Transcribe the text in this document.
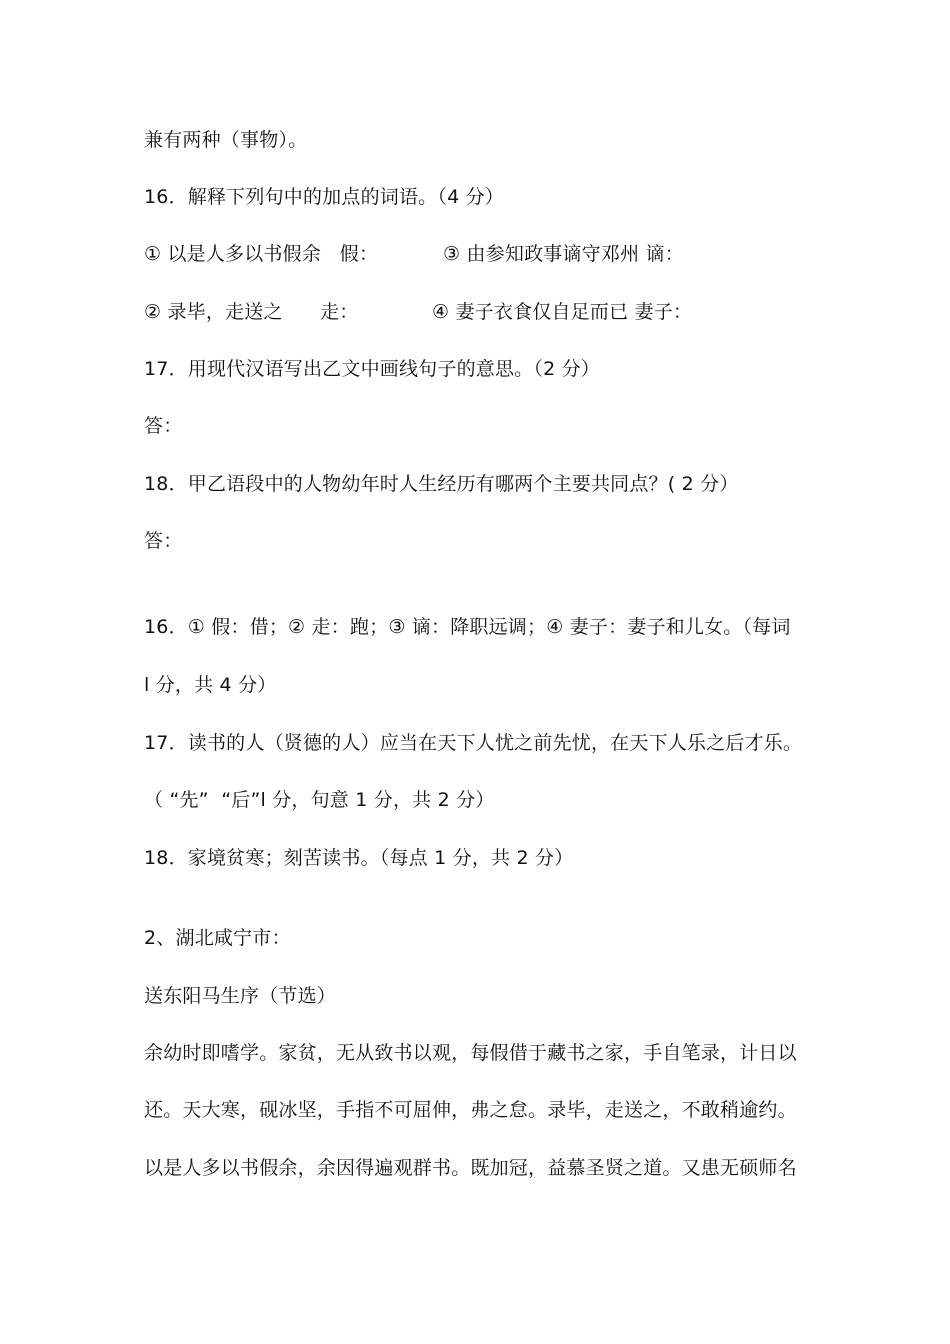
兼有两种（事物）。
16．解释下列句中的加点的词语。（4 分）
① 以是人多以书假余   假：	③ 由参知政事谪守邓州 谪：
② 录毕，走送之      走：	④ 妻子衣食仅自足而已 妻子：
17．用现代汉语写出乙文中画线句子的意思。（2 分）
答：
18．甲乙语段中的人物幼年时人生经历有哪两个主要共同点？( 2 分）
答：
16．① 假：借；② 走：跑；③ 谪：降职远调；④ 妻子：妻子和儿女。（每词
l 分，共 4 分）
17．读书的人（贤德的人）应当在天下人忧之前先忧，在天下人乐之后才乐。
（ “先”  “后”l 分，句意 1 分，共 2 分）
18．家境贫寒；刻苦读书。（每点 1 分，共 2 分）
2、湖北咸宁市：
送东阳马生序（节选）
余幼时即嗜学。家贫，无从致书以观，每假借于藏书之家，手自笔录，计日以
还。天大寒，砚冰坚，手指不可屈伸，弗之怠。录毕，走送之，不敢稍逾约。
以是人多以书假余，余因得遍观群书。既加冠，益慕圣贤之道。又患无硕师名
